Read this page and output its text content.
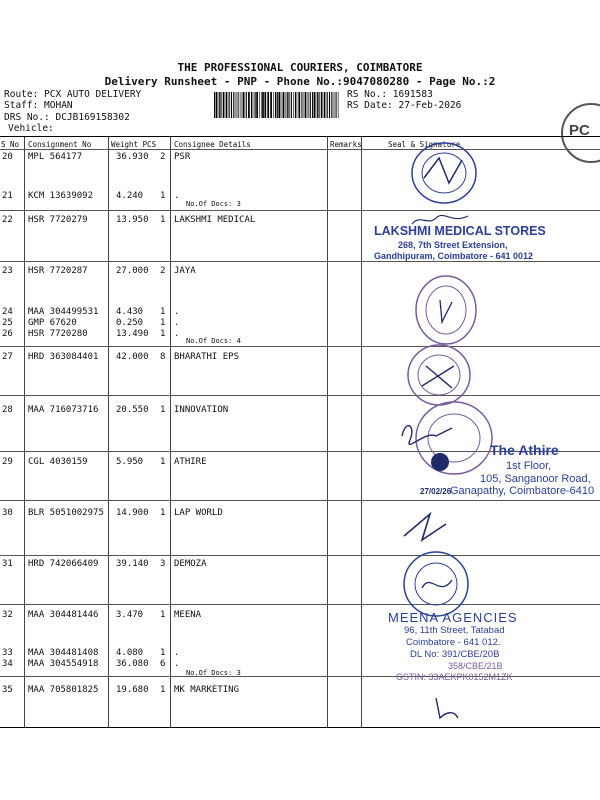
THE PROFESSIONAL COURIERS, COIMBATORE
Delivery Runsheet - PNP - Phone No.:9047080280 - Page No.:2
Route: PCX AUTO DELIVERY
Staff: MOHAN
DRS No.: DCJB169158302
Vehicle:
RS No.: 1691583
RS Date: 27-Feb-2026
PC
S No Consignment No	Weight PCS Consignee Details	Remarks	Seal & Signature
20 MPL 564177	36.930 2 PSR
21 KCM 13639092	4.240 1 .
22 HSR 7720279	13.950 1 LAKSHMI MEDICAL
23 HSR 7720287	27.000 2 JAYA
24 MAA 304499531 4.430 1 .
25 GMP 67620	0.250 1 .
26 HSR 7720280	13.490 1 .
27 HRD 363084401 42.000 8 BHARATHI EPS
28 MAA 716073716 20.550 1 INNOVATION
29 CGL 4030159	5.950 1 ATHIRE
30 BLR 5051002975 14.900 1 LAP WORLD
31 HRD 742066409 39.140 3 DEMOZA
32 MAA 304481446 3.470 1 MEENA
33 MAA 304481408 4.080 1 .
34 MAA 304554918 36.080 6 .
35 MAA 705801825 19.680 1 MK MARKETING
No.Of Docs: 3
No.Of Docs: 4
No.Of Docs: 3
LAKSHMI MEDICAL STORES
268, 7th Street Extension,
Gandhipuram, Coimbatore - 641 0012
The Athire
1st Floor,
105, Sanganoor Road,
Ganapathy, Coimbatore-6410
27/02/26
MEENA AGENCIES
96, 11th Street, Tatabad
Coimbatore - 641 012.
DL No: 391/CBE/20B
358/CBE/21B
GSTIN: 33AEKPK0152M1ZK
